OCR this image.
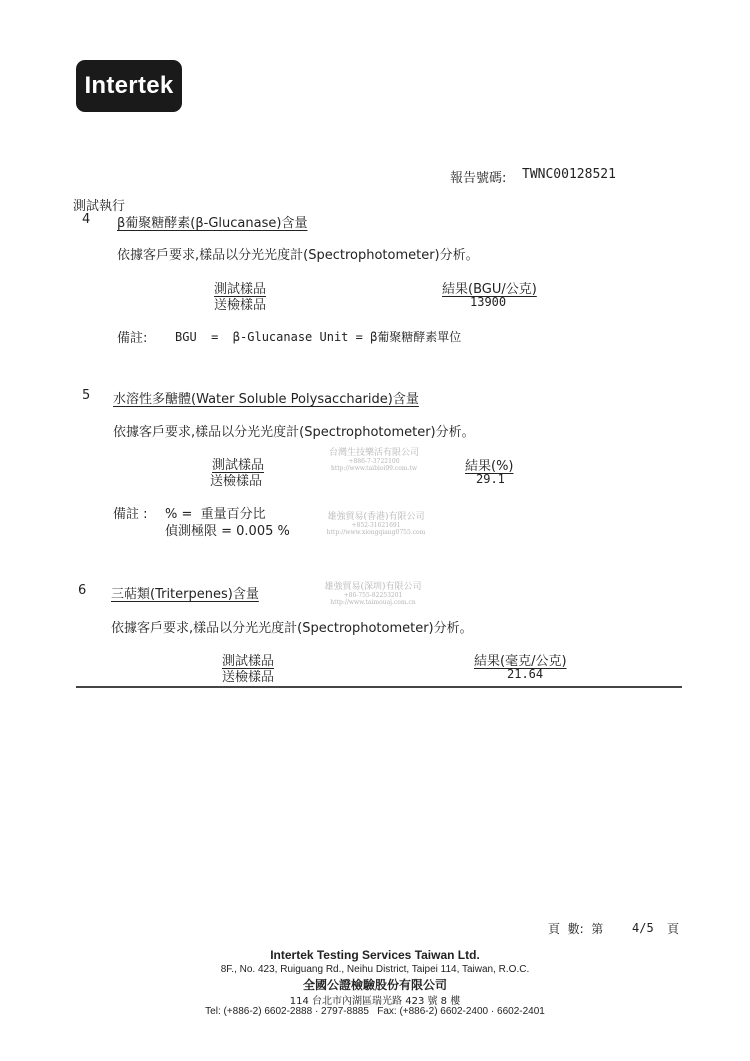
Intertek
報告號碼: TWNC00128521
測試執行
4 β葡聚糖酵素(β-Glucanase)含量
依據客戶要求,樣品以分光光度計(Spectrophotometer)分析。
測試樣品	結果(BGU/公克)
送檢樣品	13900
備註: BGU  =  β-Glucanase Unit = β葡聚糖酵素單位
5 水溶性多醣體(Water Soluble Polysaccharide)含量
依據客戶要求,樣品以分光光度計(Spectrophotometer)分析。
測試樣品	結果(%)
送檢樣品	29.1
備註 : % =  重量百分比
偵測極限 = 0.005 %
6 三萜類(Triterpenes)含量
依據客戶要求,樣品以分光光度計(Spectrophotometer)分析。
測試樣品	結果(毫克/公克)
送檢樣品	21.64
台灣生技樂活有限公司
+886-7-3722100
http://www.taibioi99.com.tw
雄強貿易(香港)有限公司
+852-31621691
http://www.xiongqiang0755.com
雄強貿易(深圳)有限公司
+86-755-82253201
http://www.taimouaj.com.cn
頁  數:  第 4/5 頁
Intertek Testing Services Taiwan Ltd.
8F., No. 423, Ruiguang Rd., Neihu District, Taipei 114, Taiwan, R.O.C.
全國公證檢驗股份有限公司
114 台北市內湖區瑞光路 423 號 8 樓
Tel: (+886-2) 6602-2888 · 2797-8885   Fax: (+886-2) 6602-2400 · 6602-2401
